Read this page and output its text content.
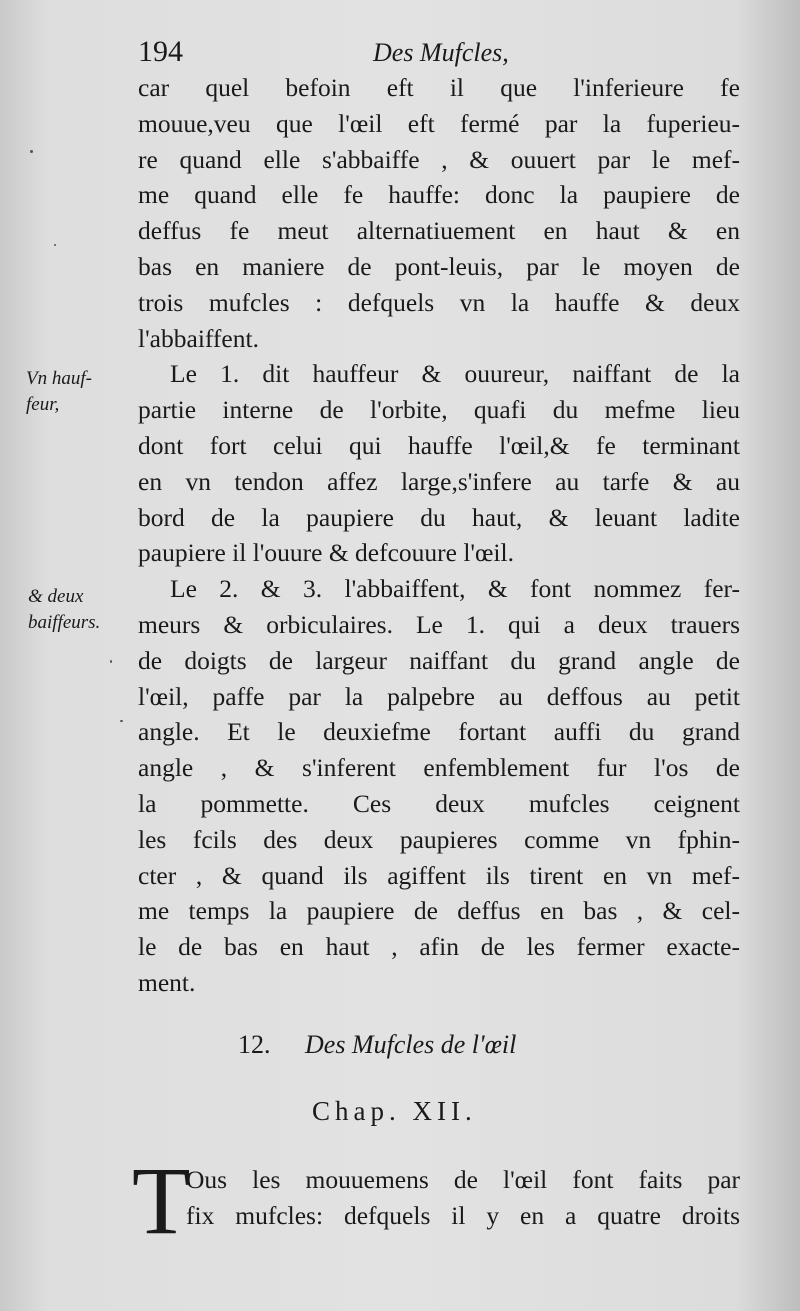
194	Des Mufcles,
Vn hauf-
feur,
& deux
baiffeurs.
car quel befoin eft il que l'inferieure fe
mouue,veu que l'œil eft fermé par la fuperieu-
re quand elle s'abbaiffe , & ouuert par le mef-
me quand elle fe hauffe: donc la paupiere de
deffus fe meut alternatiuement en haut & en
bas en maniere de pont-leuis, par le moyen de
trois mufcles : defquels vn la hauffe & deux
l'abbaiffent.
Le 1. dit hauffeur & ouureur, naiffant de la
partie interne de l'orbite, quafi du mefme lieu
dont fort celui qui hauffe l'œil,& fe terminant
en vn tendon affez large,s'infere au tarfe & au
bord de la paupiere du haut, & leuant ladite
paupiere il l'ouure & defcouure l'œil.
Le 2. & 3. l'abbaiffent, & font nommez fer-
meurs & orbiculaires. Le 1. qui a deux trauers
de doigts de largeur naiffant du grand angle de
l'œil, paffe par la palpebre au deffous au petit
angle. Et le deuxiefme fortant auffi du grand
angle , & s'inferent enfemblement fur l'os de
la pommette. Ces deux mufcles ceignent
les fcils des deux paupieres comme vn fphin-
cter , & quand ils agiffent ils tirent en vn mef-
me temps la paupiere de deffus en bas , & cel-
le de bas en haut , afin de les fermer exacte-
ment.
12. Des Mufcles de l'œil
Chap. XII.
T
Ous les mouuemens de l'œil font faits par
fix mufcles: defquels il y en a quatre droits
